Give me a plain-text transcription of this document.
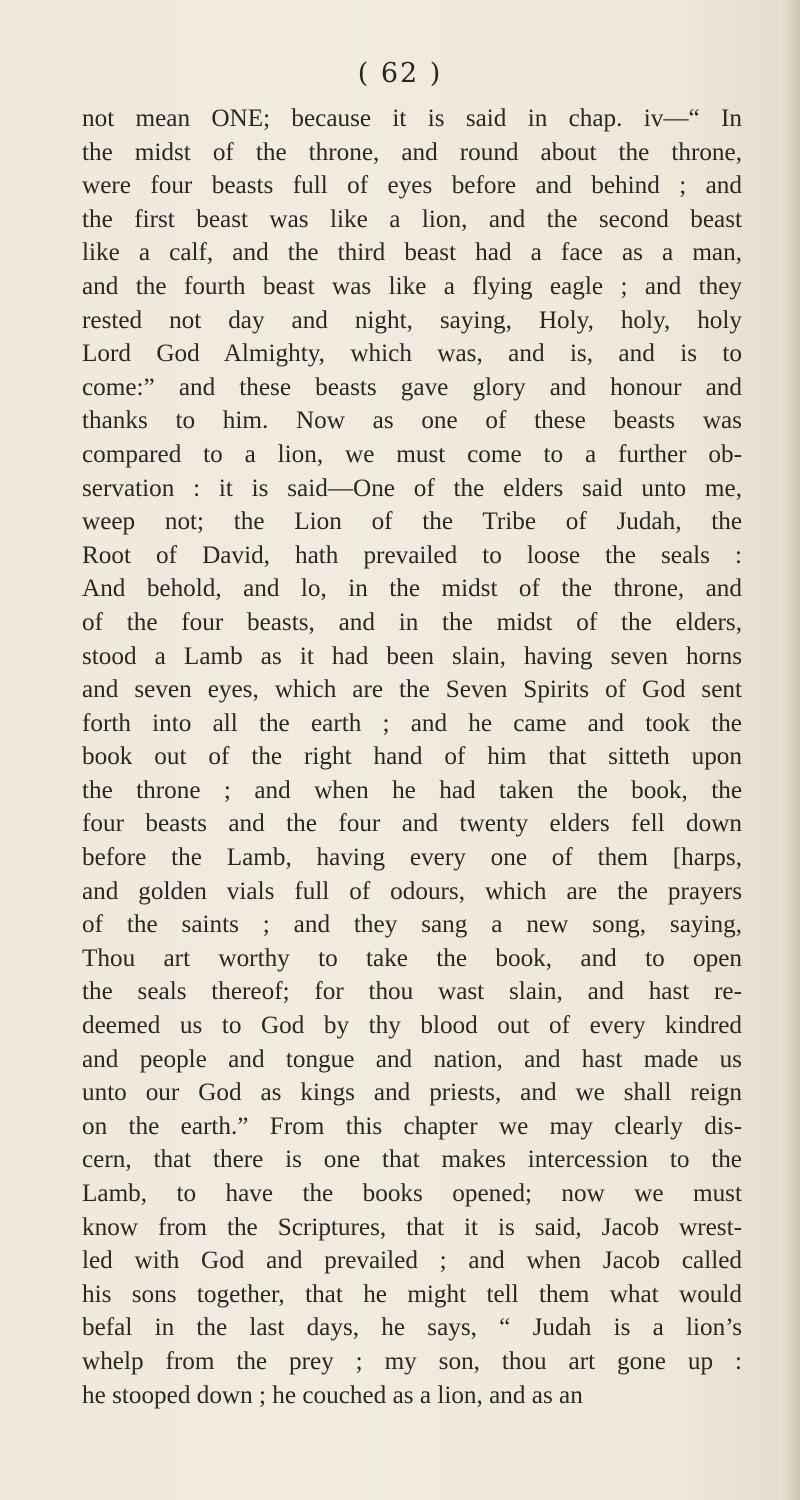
( 62 )
not mean ONE; because it is said in chap. iv—“ In
the midst of the throne, and round about the throne,
were four beasts full of eyes before and behind ; and
the first beast was like a lion, and the second beast
like a calf, and the third beast had a face as a man,
and the fourth beast was like a flying eagle ; and they
rested not day and night, saying, Holy, holy, holy
Lord God Almighty, which was, and is, and is to
come:” and these beasts gave glory and honour and
thanks to him. Now as one of these beasts was
compared to a lion, we must come to a further ob-
servation : it is said—One of the elders said unto me,
weep not; the Lion of the Tribe of Judah, the
Root of David, hath prevailed to loose the seals :
And behold, and lo, in the midst of the throne, and
of the four beasts, and in the midst of the elders,
stood a Lamb as it had been slain, having seven horns
and seven eyes, which are the Seven Spirits of God sent
forth into all the earth ; and he came and took the
book out of the right hand of him that sitteth upon
the throne ; and when he had taken the book, the
four beasts and the four and twenty elders fell down
before the Lamb, having every one of them [harps,
and golden vials full of odours, which are the prayers
of the saints ; and they sang a new song, saying,
Thou art worthy to take the book, and to open
the seals thereof; for thou wast slain, and hast re-
deemed us to God by thy blood out of every kindred
and people and tongue and nation, and hast made us
unto our God as kings and priests, and we shall reign
on the earth.” From this chapter we may clearly dis-
cern, that there is one that makes intercession to the
Lamb, to have the books opened; now we must
know from the Scriptures, that it is said, Jacob wrest-
led with God and prevailed ; and when Jacob called
his sons together, that he might tell them what would
befal in the last days, he says, “ Judah is a lion’s
whelp from the prey ; my son, thou art gone up :
he stooped down ; he couched as a lion, and as an
